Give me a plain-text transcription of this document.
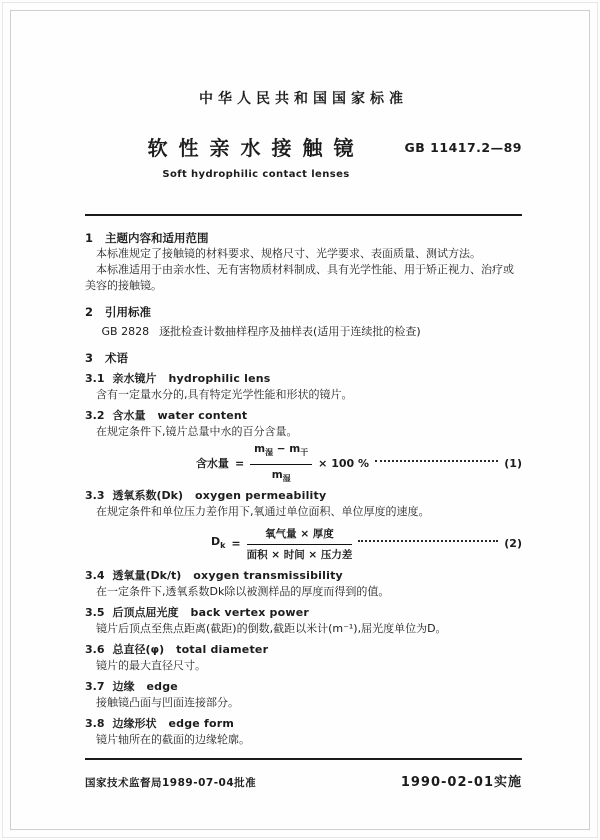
中华人民共和国国家标准
软性亲水接触镜	GB 11417.2—89
Soft hydrophilic contact lenses
1 主题内容和适用范围
本标准规定了接触镜的材料要求、规格尺寸、光学要求、表面质量、测试方法。
本标准适用于由亲水性、无有害物质材料制成、具有光学性能、用于矫正视力、治疗或美容的接触镜。
2 引用标准
GB 2828 逐批检查计数抽样程序及抽样表(适用于连续批的检查)
3 术语
3.1 亲水镜片 hydrophilic lens
含有一定量水分的,具有特定光学性能和形状的镜片。
3.2 含水量 water content
在规定条件下,镜片总量中水的百分含量。
含水量 = $\frac{m_湿 - m_干}{m_湿} \times 100$ %	(1)
3.3 透氧系数(Dk) oxygen permeability
在规定条件和单位压力差作用下,氧通过单位面积、单位厚度的速度。
$D_k = \frac{\text{氧气量 × 厚度}}{\text{面积 × 时间 × 压力差}}$	(2)
3.4 透氧量(Dk/t) oxygen transmissibility
在一定条件下,透氧系数Dk除以被测样品的厚度而得到的值。
3.5 后顶点屈光度 back vertex power
镜片后顶点至焦点距离(截距)的倒数,截距以米计(m⁻¹),屈光度单位为D。
3.6 总直径(φ) total diameter
镜片的最大直径尺寸。
3.7 边缘 edge
接触镜凸面与凹面连接部分。
3.8 边缘形状 edge form
镜片轴所在的截面的边缘轮廓。
国家技术监督局1989-07-04批准	1990-02-01实施
